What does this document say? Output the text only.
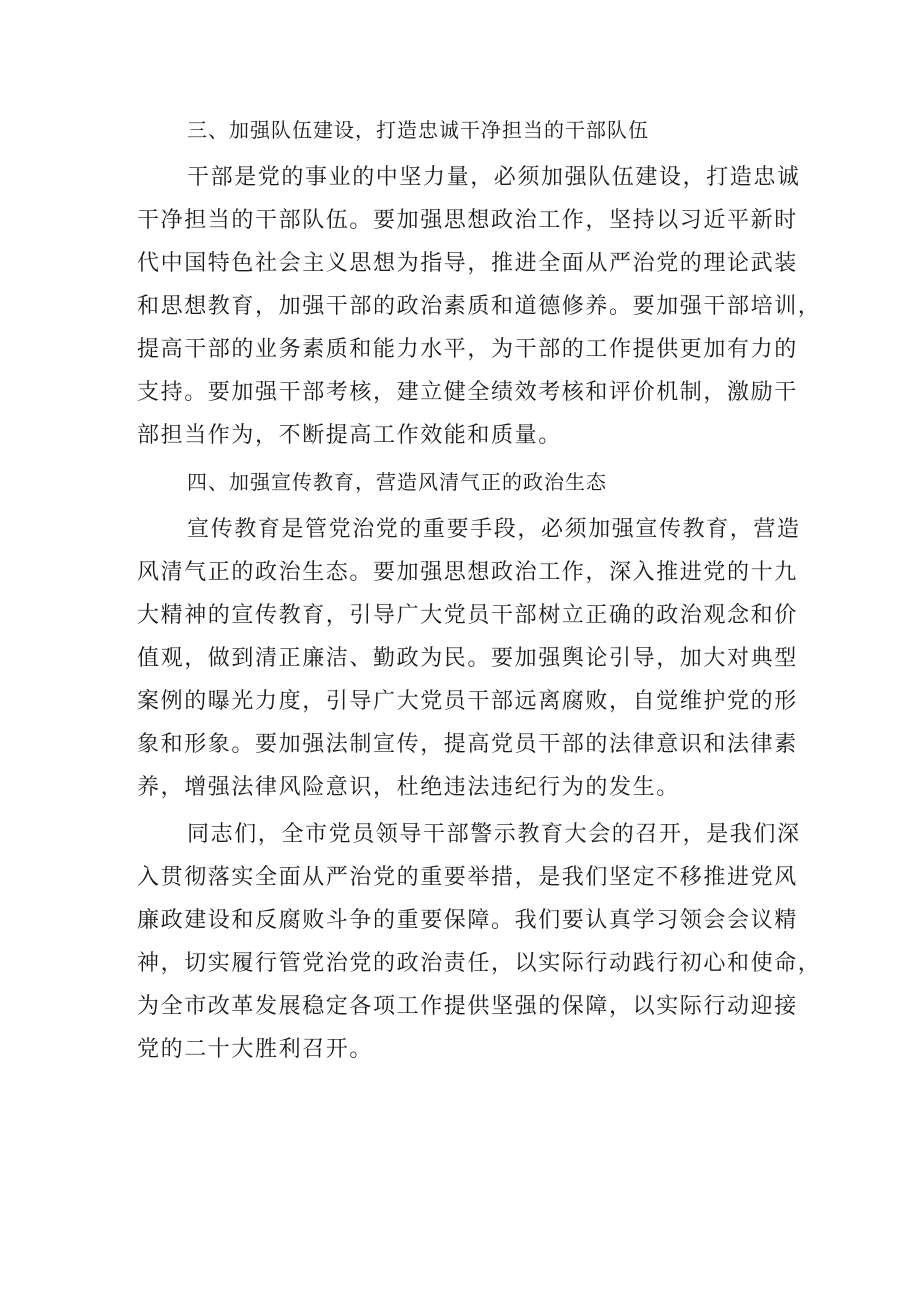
三、加强队伍建设，打造忠诚干净担当的干部队伍

干部是党的事业的中坚力量，必须加强队伍建设，打造忠诚
干净担当的干部队伍。要加强思想政治工作，坚持以习近平新时
代中国特色社会主义思想为指导，推进全面从严治党的理论武装
和思想教育，加强干部的政治素质和道德修养。要加强干部培训，
提高干部的业务素质和能力水平，为干部的工作提供更加有力的
支持。要加强干部考核，建立健全绩效考核和评价机制，激励干
部担当作为，不断提高工作效能和质量。

四、加强宣传教育，营造风清气正的政治生态

宣传教育是管党治党的重要手段，必须加强宣传教育，营造
风清气正的政治生态。要加强思想政治工作，深入推进党的十九
大精神的宣传教育，引导广大党员干部树立正确的政治观念和价
值观，做到清正廉洁、勤政为民。要加强舆论引导，加大对典型
案例的曝光力度，引导广大党员干部远离腐败，自觉维护党的形
象和形象。要加强法制宣传，提高党员干部的法律意识和法律素
养，增强法律风险意识，杜绝违法违纪行为的发生。

同志们，全市党员领导干部警示教育大会的召开，是我们深
入贯彻落实全面从严治党的重要举措，是我们坚定不移推进党风
廉政建设和反腐败斗争的重要保障。我们要认真学习领会会议精
神，切实履行管党治党的政治责任，以实际行动践行初心和使命，
为全市改革发展稳定各项工作提供坚强的保障，以实际行动迎接
党的二十大胜利召开。
